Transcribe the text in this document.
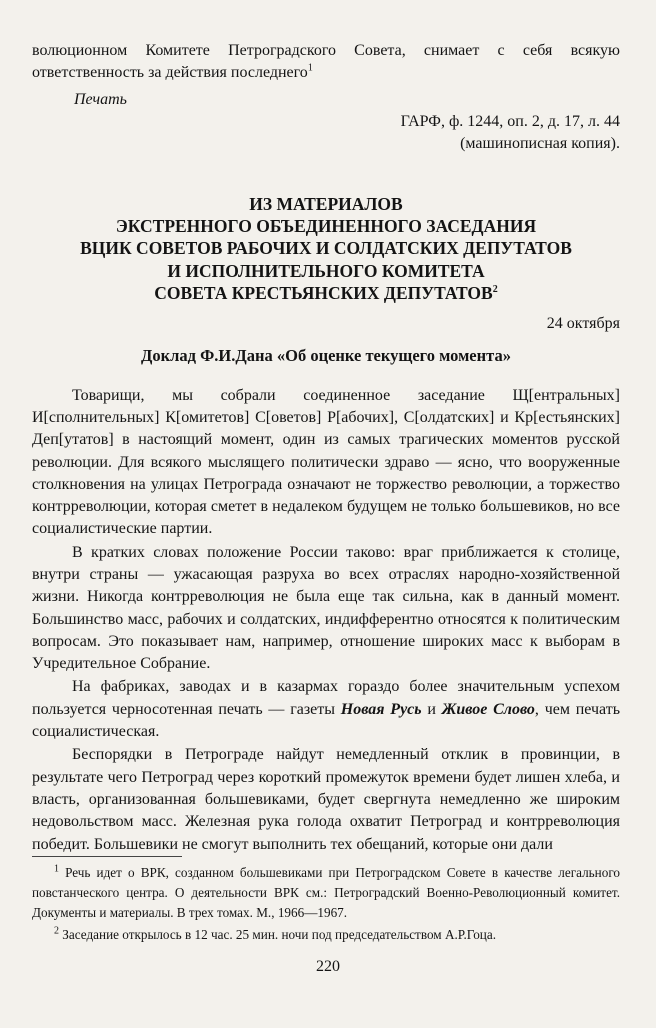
волюционном Комитете Петроградского Совета, снимает с себя всякую ответственность за действия последнего$^1$

Печать

ГАРФ, ф. 1244, оп. 2, д. 17, л. 44

(машинописная копия).

ИЗ МАТЕРИАЛОВ
ЭКСТРЕННОГО ОБЪЕДИНЕННОГО ЗАСЕДАНИЯ
ВЦИК СОВЕТОВ РАБОЧИХ И СОЛДАТСКИХ ДЕПУТАТОВ
И ИСПОЛНИТЕЛЬНОГО КОМИТЕТА
СОВЕТА КРЕСТЬЯНСКИХ ДЕПУТАТОВ$^2$

24 октября

Доклад Ф.И.Дана «Об оценке текущего момента»

Товарищи, мы собрали соединенное заседание Щ[ентральных] И[сполнительных] К[омитетов] С[оветов] Р[абочих], С[олдатских] и Кр[естьянских] Деп[утатов] в настоящий момент, один из самых трагических моментов русской революции. Для всякого мыслящего политически здраво — ясно, что вооруженные столкновения на улицах Петрограда означают не торжество революции, а торжество контрреволюции, которая сметет в недалеком будущем не только большевиков, но все социалистические партии.

В кратких словах положение России таково: враг приближается к столице, внутри страны — ужасающая разруха во всех отраслях народно-хозяйственной жизни. Никогда контрреволюция не была еще так сильна, как в данный момент. Большинство масс, рабочих и солдатских, индифферентно относятся к политическим вопросам. Это показывает нам, например, отношение широких масс к выборам в Учредительное Собрание.

На фабриках, заводах и в казармах гораздо более значительным успехом пользуется черносотенная печать — газеты Новая Русь и Живое Слово, чем печать социалистическая.

Беспорядки в Петрограде найдут немедленный отклик в провинции, в результате чего Петроград через короткий промежуток времени будет лишен хлеба, и власть, организованная большевиками, будет свергнута немедленно же широким недовольством масс. Железная рука голода охватит Петроград и контрреволюция победит. Большевики не смогут выполнить тех обещаний, которые они дали

$^1$ Речь идет о ВРК, созданном большевиками при Петроградском Совете в качестве легального повстанческого центра. О деятельности ВРК см.: Петроградский Военно-Революционный комитет. Документы и материалы. В трех томах. М., 1966—1967.

$^2$ Заседание открылось в 12 час. 25 мин. ночи под председательством А.Р.Гоца.

220
